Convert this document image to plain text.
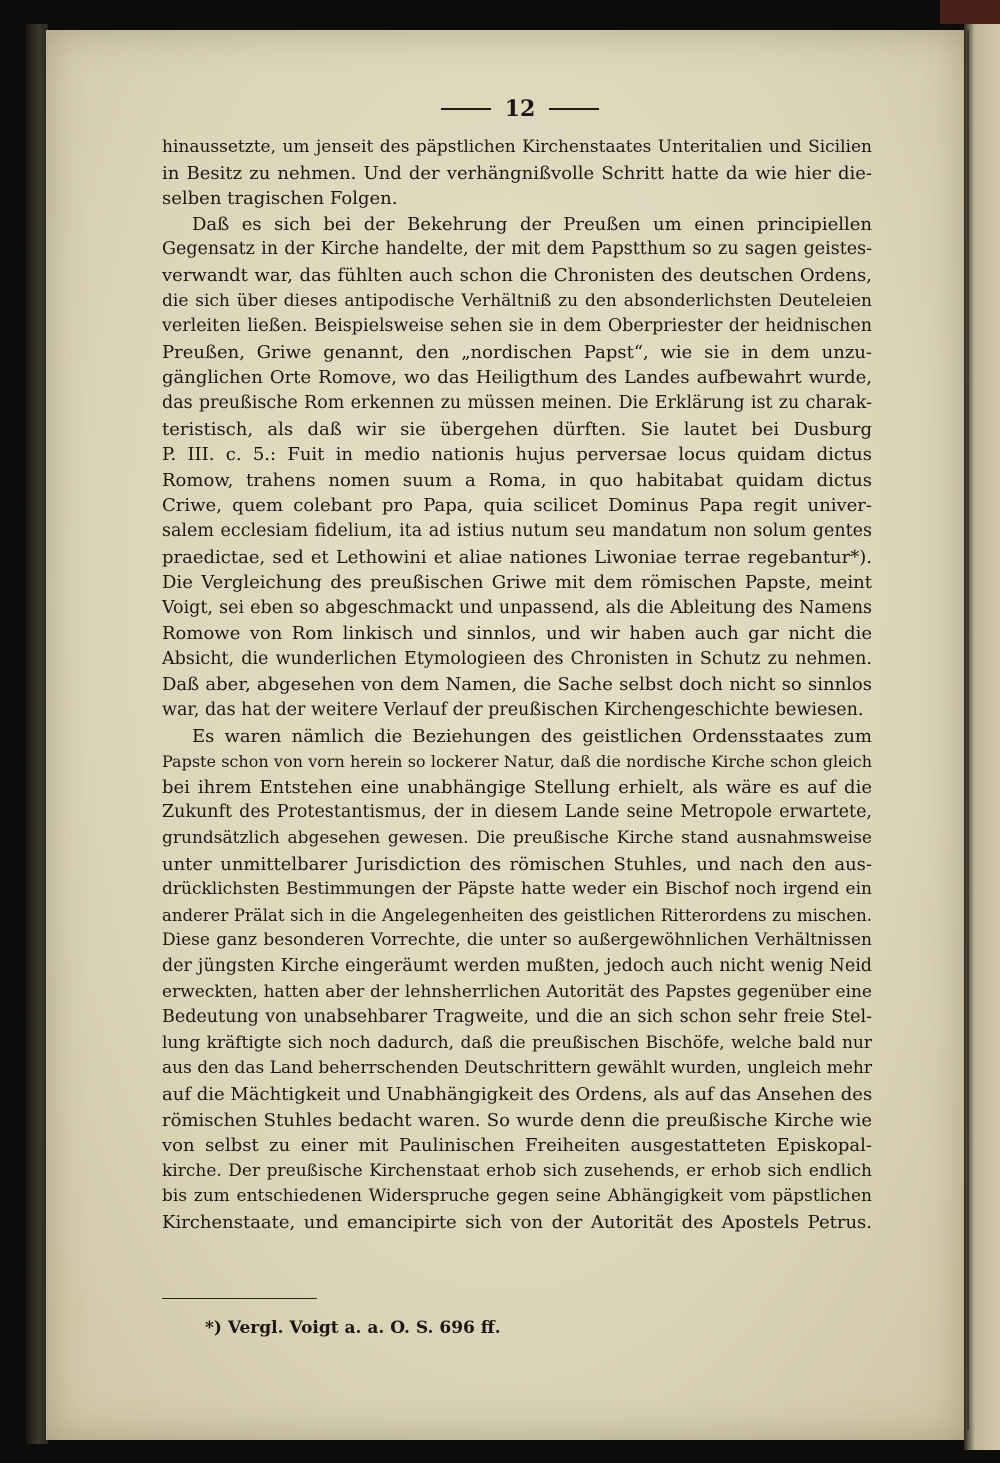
12
hinaussetzte, um jenseit des päpstlichen Kirchenstaates Unteritalien und Sicilien
in Besitz zu nehmen. Und der verhängnißvolle Schritt hatte da wie hier die-
selben tragischen Folgen.
Daß es sich bei der Bekehrung der Preußen um einen principiellen
Gegensatz in der Kirche handelte, der mit dem Papstthum so zu sagen geistes-
verwandt war, das fühlten auch schon die Chronisten des deutschen Ordens,
die sich über dieses antipodische Verhältniß zu den absonderlichsten Deuteleien
verleiten ließen. Beispielsweise sehen sie in dem Oberpriester der heidnischen
Preußen, Griwe genannt, den „nordischen Papst“, wie sie in dem unzu-
gänglichen Orte Romove, wo das Heiligthum des Landes aufbewahrt wurde,
das preußische Rom erkennen zu müssen meinen. Die Erklärung ist zu charak-
teristisch, als daß wir sie übergehen dürften. Sie lautet bei Dusburg
P. III. c. 5.: Fuit in medio nationis hujus perversae locus quidam dictus
Romow, trahens nomen suum a Roma, in quo habitabat quidam dictus
Criwe, quem colebant pro Papa, quia scilicet Dominus Papa regit univer-
salem ecclesiam fidelium, ita ad istius nutum seu mandatum non solum gentes
praedictae, sed et Lethowini et aliae nationes Liwoniae terrae regebantur*).
Die Vergleichung des preußischen Griwe mit dem römischen Papste, meint
Voigt, sei eben so abgeschmackt und unpassend, als die Ableitung des Namens
Romowe von Rom linkisch und sinnlos, und wir haben auch gar nicht die
Absicht, die wunderlichen Etymologieen des Chronisten in Schutz zu nehmen.
Daß aber, abgesehen von dem Namen, die Sache selbst doch nicht so sinnlos
war, das hat der weitere Verlauf der preußischen Kirchengeschichte bewiesen.
Es waren nämlich die Beziehungen des geistlichen Ordensstaates zum
Papste schon von vorn herein so lockerer Natur, daß die nordische Kirche schon gleich
bei ihrem Entstehen eine unabhängige Stellung erhielt, als wäre es auf die
Zukunft des Protestantismus, der in diesem Lande seine Metropole erwartete,
grundsätzlich abgesehen gewesen. Die preußische Kirche stand ausnahmsweise
unter unmittelbarer Jurisdiction des römischen Stuhles, und nach den aus-
drücklichsten Bestimmungen der Päpste hatte weder ein Bischof noch irgend ein
anderer Prälat sich in die Angelegenheiten des geistlichen Ritterordens zu mischen.
Diese ganz besonderen Vorrechte, die unter so außergewöhnlichen Verhältnissen
der jüngsten Kirche eingeräumt werden mußten, jedoch auch nicht wenig Neid
erweckten, hatten aber der lehnsherrlichen Autorität des Papstes gegenüber eine
Bedeutung von unabsehbarer Tragweite, und die an sich schon sehr freie Stel-
lung kräftigte sich noch dadurch, daß die preußischen Bischöfe, welche bald nur
aus den das Land beherrschenden Deutschrittern gewählt wurden, ungleich mehr
auf die Mächtigkeit und Unabhängigkeit des Ordens, als auf das Ansehen des
römischen Stuhles bedacht waren. So wurde denn die preußische Kirche wie
von selbst zu einer mit Paulinischen Freiheiten ausgestatteten Episkopal-
kirche. Der preußische Kirchenstaat erhob sich zusehends, er erhob sich endlich
bis zum entschiedenen Widerspruche gegen seine Abhängigkeit vom päpstlichen
Kirchenstaate, und emancipirte sich von der Autorität des Apostels Petrus.
*) Vergl. Voigt a. a. O. S. 696 ff.
